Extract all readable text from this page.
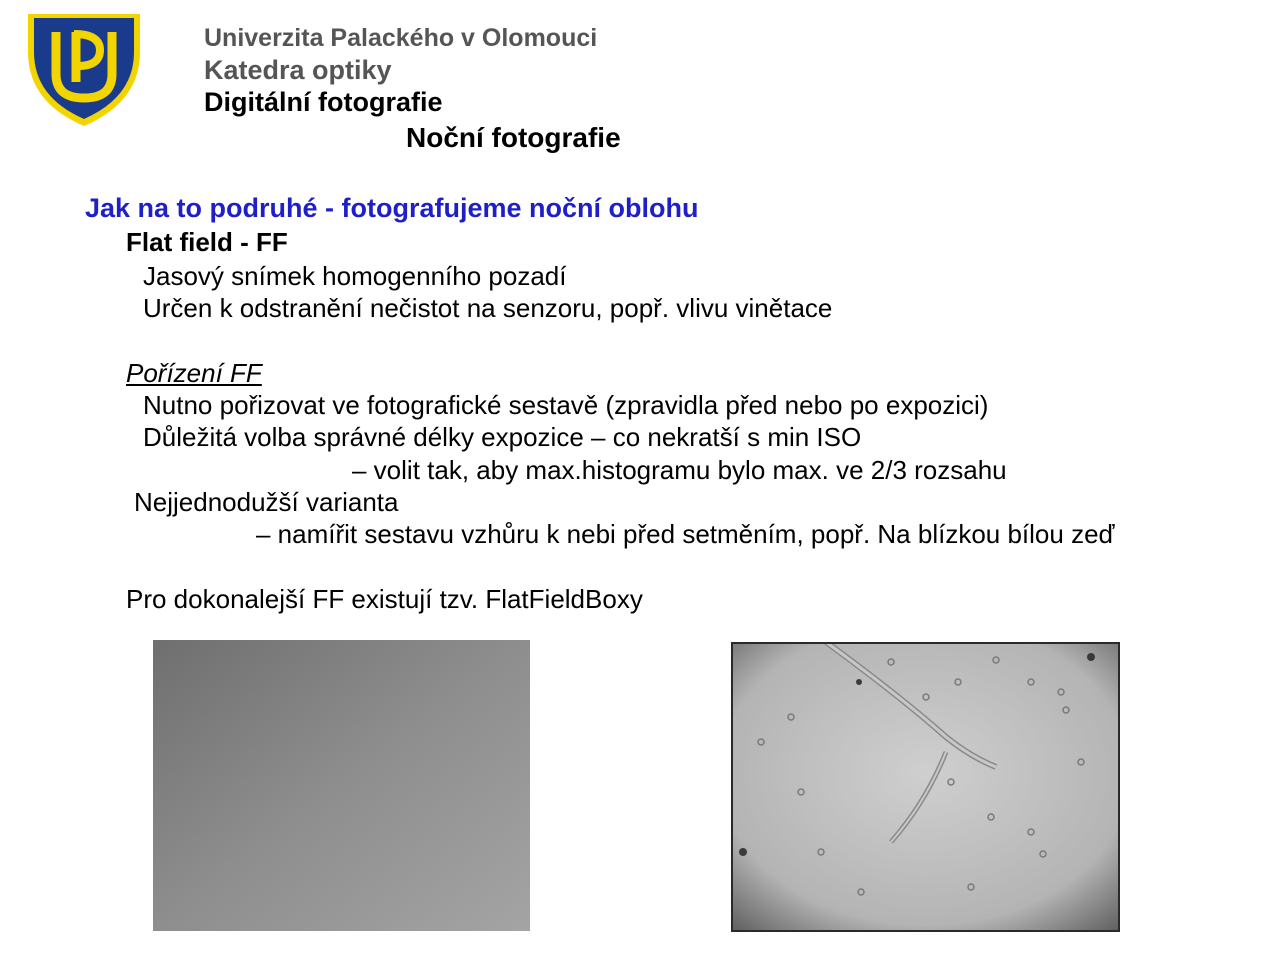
Univerzita Palackého v Olomouci
Katedra optiky
Digitální fotografie
Noční fotografie
Jak na to podruhé - fotografujeme noční oblohu
Flat field - FF
Jasový snímek homogenního pozadí
Určen k odstranění nečistot na senzoru, popř. vlivu vinětace
Pořízení FF
Nutno pořizovat ve fotografické sestavě (zpravidla před nebo po expozici)
Důležitá volba správné délky expozice – co nekratší s min ISO
– volit tak, aby max.histogramu bylo max. ve 2/3 rozsahu
Nejjednodužší varianta
– namířit sestavu vzhůru k nebi před setměním, popř. Na blízkou bílou zeď
Pro dokonalejší FF existují tzv. FlatFieldBoxy
